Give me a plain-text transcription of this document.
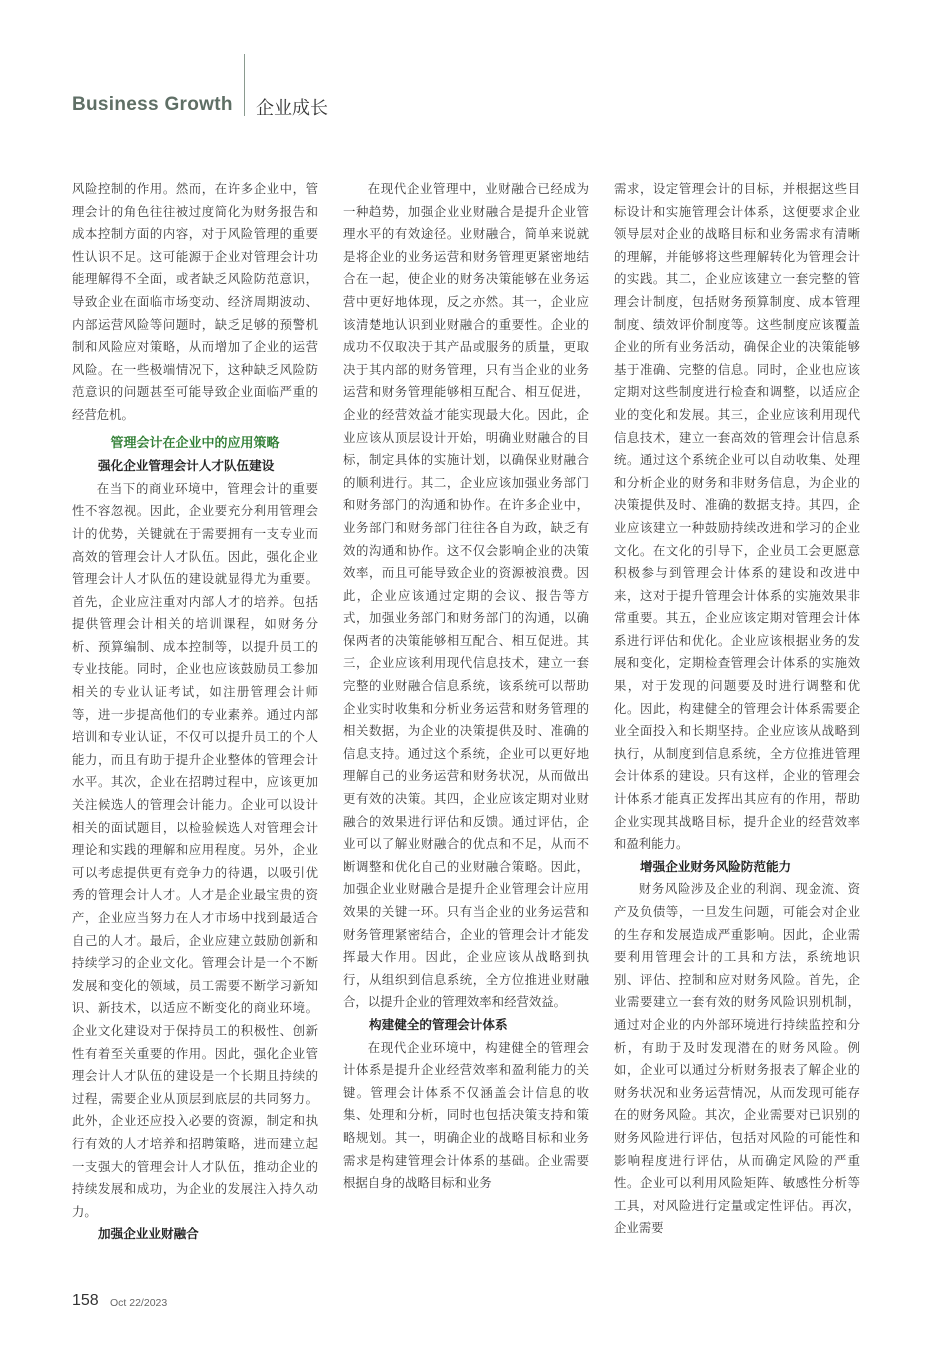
Business Growth 企业成长

风险控制的作用。然而，在许多企业中，管理会计的角色往往被过度简化为财务报告和成本控制方面的内容，对于风险管理的重要性认识不足。这可能源于企业对管理会计功能理解得不全面，或者缺乏风险防范意识，导致企业在面临市场变动、经济周期波动、内部运营风险等问题时，缺乏足够的预警机制和风险应对策略，从而增加了企业的运营风险。在一些极端情况下，这种缺乏风险防范意识的问题甚至可能导致企业面临严重的经营危机。

管理会计在企业中的应用策略
强化企业管理会计人才队伍建设

在当下的商业环境中，管理会计的重要性不容忽视。因此，企业要充分利用管理会计的优势，关键就在于需要拥有一支专业而高效的管理会计人才队伍。因此，强化企业管理会计人才队伍的建设就显得尤为重要。首先，企业应注重对内部人才的培养。包括提供管理会计相关的培训课程，如财务分析、预算编制、成本控制等，以提升员工的专业技能。同时，企业也应该鼓励员工参加相关的专业认证考试，如注册管理会计师等，进一步提高他们的专业素养。通过内部培训和专业认证，不仅可以提升员工的个人能力，而且有助于提升企业整体的管理会计水平。其次，企业在招聘过程中，应该更加关注候选人的管理会计能力。企业可以设计相关的面试题目，以检验候选人对管理会计理论和实践的理解和应用程度。另外，企业可以考虑提供更有竞争力的待遇，以吸引优秀的管理会计人才。人才是企业最宝贵的资产，企业应当努力在人才市场中找到最适合自己的人才。最后，企业应建立鼓励创新和持续学习的企业文化。管理会计是一个不断发展和变化的领域，员工需要不断学习新知识、新技术，以适应不断变化的商业环境。企业文化建设对于保持员工的积极性、创新性有着至关重要的作用。因此，强化企业管理会计人才队伍的建设是一个长期且持续的过程，需要企业从顶层到底层的共同努力。此外，企业还应投入必要的资源，制定和执行有效的人才培养和招聘策略，进而建立起一支强大的管理会计人才队伍，推动企业的持续发展和成功，为企业的发展注入持久动力。

加强企业业财融合

在现代企业管理中，业财融合已经成为一种趋势，加强企业业财融合是提升企业管理水平的有效途径。业财融合，简单来说就是将企业的业务运营和财务管理更紧密地结合在一起，使企业的财务决策能够在业务运营中更好地体现，反之亦然。其一，企业应该清楚地认识到业财融合的重要性。企业的成功不仅取决于其产品或服务的质量，更取决于其内部的财务管理，只有当企业的业务运营和财务管理能够相互配合、相互促进，企业的经营效益才能实现最大化。因此，企业应该从顶层设计开始，明确业财融合的目标，制定具体的实施计划，以确保业财融合的顺利进行。其二，企业应该加强业务部门和财务部门的沟通和协作。在许多企业中，业务部门和财务部门往往各自为政，缺乏有效的沟通和协作。这不仅会影响企业的决策效率，而且可能导致企业的资源被浪费。因此，企业应该通过定期的会议、报告等方式，加强业务部门和财务部门的沟通，以确保两者的决策能够相互配合、相互促进。其三，企业应该利用现代信息技术，建立一套完整的业财融合信息系统，该系统可以帮助企业实时收集和分析业务运营和财务管理的相关数据，为企业的决策提供及时、准确的信息支持。通过这个系统，企业可以更好地理解自己的业务运营和财务状况，从而做出更有效的决策。其四，企业应该定期对业财融合的效果进行评估和反馈。通过评估，企业可以了解业财融合的优点和不足，从而不断调整和优化自己的业财融合策略。因此，加强企业业财融合是提升企业管理会计应用效果的关键一环。只有当企业的业务运营和财务管理紧密结合，企业的管理会计才能发挥最大作用。因此，企业应该从战略到执行，从组织到信息系统，全方位推进业财融合，以提升企业的管理效率和经营效益。

构建健全的管理会计体系

在现代企业环境中，构建健全的管理会计体系是提升企业经营效率和盈利能力的关键。管理会计体系不仅涵盖会计信息的收集、处理和分析，同时也包括决策支持和策略规划。其一，明确企业的战略目标和业务需求是构建管理会计体系的基础。企业需要根据自身的战略目标和业务

需求，设定管理会计的目标，并根据这些目标设计和实施管理会计体系，这便要求企业领导层对企业的战略目标和业务需求有清晰的理解，并能够将这些理解转化为管理会计的实践。其二，企业应该建立一套完整的管理会计制度，包括财务预算制度、成本管理制度、绩效评价制度等。这些制度应该覆盖企业的所有业务活动，确保企业的决策能够基于准确、完整的信息。同时，企业也应该定期对这些制度进行检查和调整，以适应企业的变化和发展。其三，企业应该利用现代信息技术，建立一套高效的管理会计信息系统。通过这个系统企业可以自动收集、处理和分析企业的财务和非财务信息，为企业的决策提供及时、准确的数据支持。其四，企业应该建立一种鼓励持续改进和学习的企业文化。在文化的引导下，企业员工会更愿意积极参与到管理会计体系的建设和改进中来，这对于提升管理会计体系的实施效果非常重要。其五，企业应该定期对管理会计体系进行评估和优化。企业应该根据业务的发展和变化，定期检查管理会计体系的实施效果，对于发现的问题要及时进行调整和优化。因此，构建健全的管理会计体系需要企业全面投入和长期坚持。企业应该从战略到执行，从制度到信息系统，全方位推进管理会计体系的建设。只有这样，企业的管理会计体系才能真正发挥出其应有的作用，帮助企业实现其战略目标，提升企业的经营效率和盈利能力。

增强企业财务风险防范能力

财务风险涉及企业的利润、现金流、资产及负债等，一旦发生问题，可能会对企业的生存和发展造成严重影响。因此，企业需要利用管理会计的工具和方法，系统地识别、评估、控制和应对财务风险。首先，企业需要建立一套有效的财务风险识别机制，通过对企业的内外部环境进行持续监控和分析，有助于及时发现潜在的财务风险。例如，企业可以通过分析财务报表了解企业的财务状况和业务运营情况，从而发现可能存在的财务风险。其次，企业需要对已识别的财务风险进行评估，包括对风险的可能性和影响程度进行评估，从而确定风险的严重性。企业可以利用风险矩阵、敏感性分析等工具，对风险进行定量或定性评估。再次，企业需要

158 Oct 22/2023
